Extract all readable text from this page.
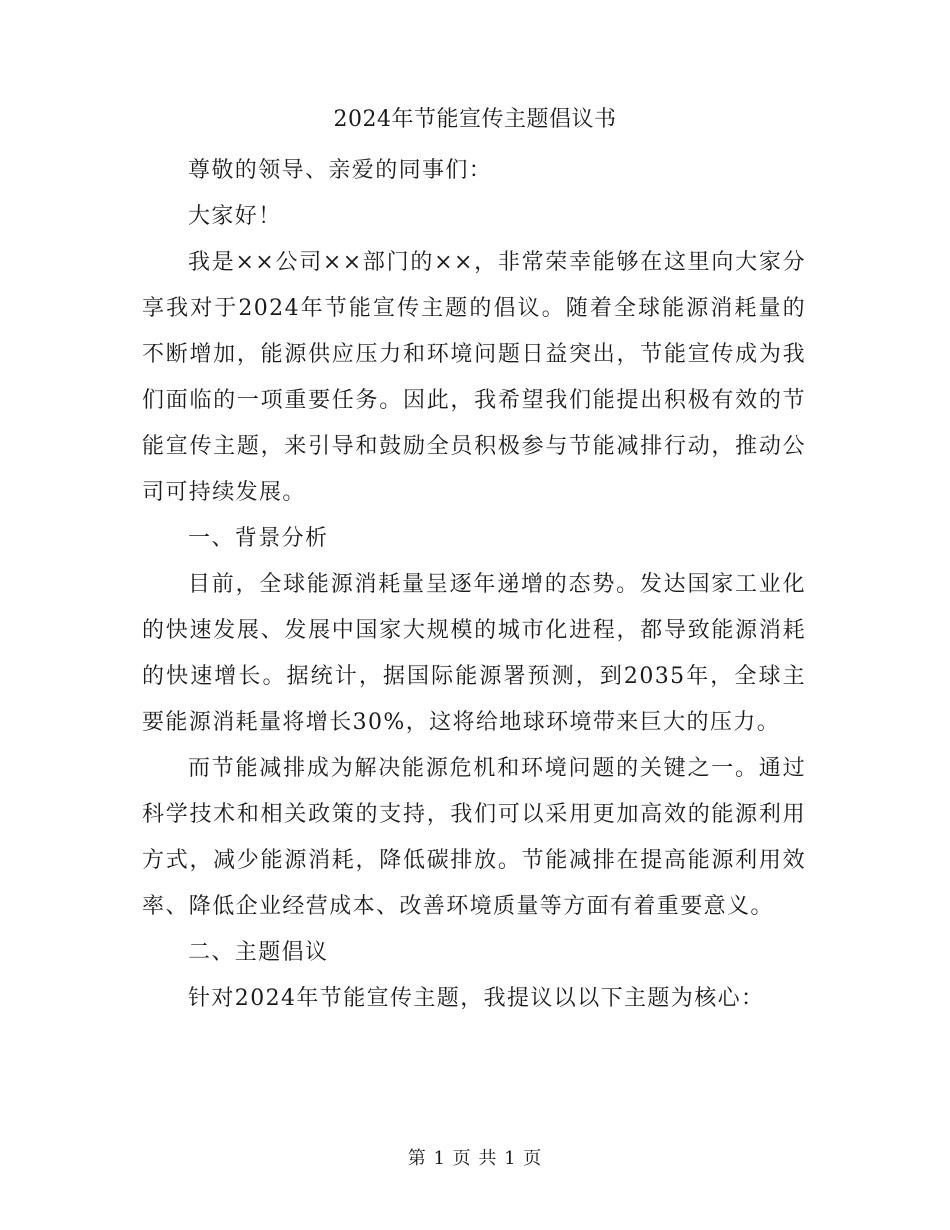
2024年节能宣传主题倡议书

尊敬的领导、亲爱的同事们：

大家好！

我是××公司××部门的××，非常荣幸能够在这里向大家分享我对于2024年节能宣传主题的倡议。随着全球能源消耗量的不断增加，能源供应压力和环境问题日益突出，节能宣传成为我们面临的一项重要任务。因此，我希望我们能提出积极有效的节能宣传主题，来引导和鼓励全员积极参与节能减排行动，推动公司可持续发展。

一、背景分析

目前，全球能源消耗量呈逐年递增的态势。发达国家工业化的快速发展、发展中国家大规模的城市化进程，都导致能源消耗的快速增长。据统计，据国际能源署预测，到2035年，全球主要能源消耗量将增长30%，这将给地球环境带来巨大的压力。

而节能减排成为解决能源危机和环境问题的关键之一。通过科学技术和相关政策的支持，我们可以采用更加高效的能源利用方式，减少能源消耗，降低碳排放。节能减排在提高能源利用效率、降低企业经营成本、改善环境质量等方面有着重要意义。

二、主题倡议

针对2024年节能宣传主题，我提议以以下主题为核心：

第 1 页 共 1 页
